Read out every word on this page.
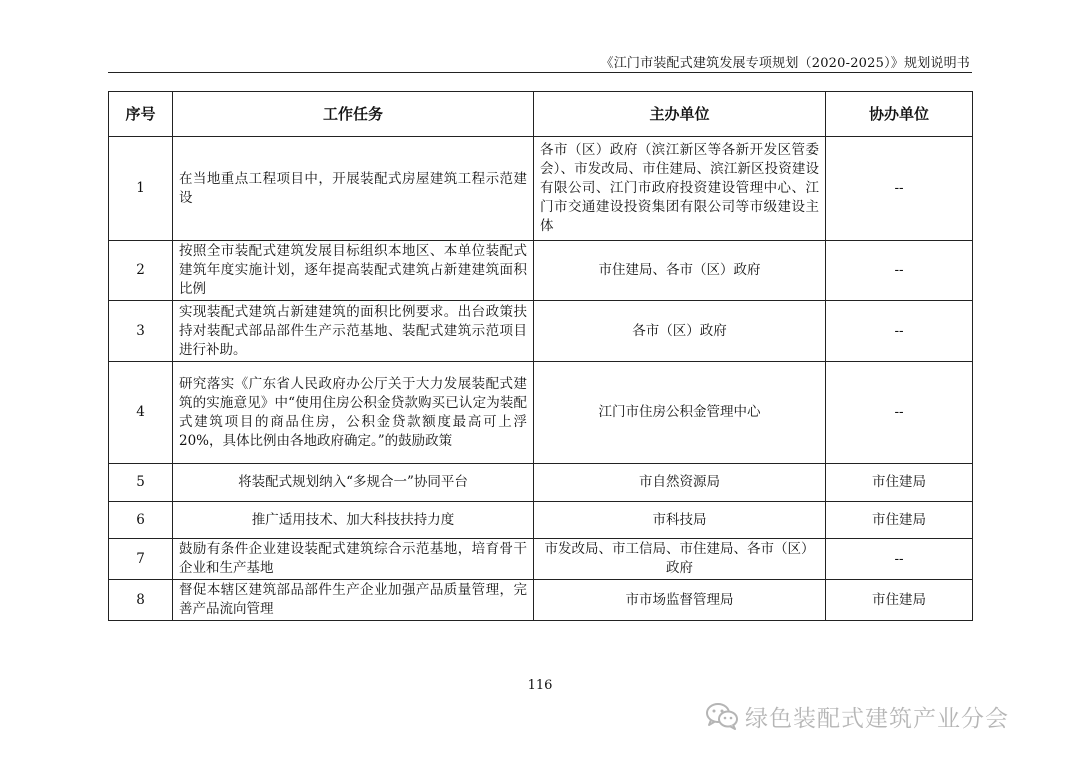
《江门市装配式建筑发展专项规划（2020-2025）》规划说明书
序号	工作任务	主办单位	协办单位
1	在当地重点工程项目中，开展装配式房屋建筑工程示范建设	各市（区）政府（滨江新区等各新开发区管委会）、市发改局、市住建局、滨江新区投资建设有限公司、江门市政府投资建设管理中心、江门市交通建设投资集团有限公司等市级建设主体	--
2	按照全市装配式建筑发展目标组织本地区、本单位装配式建筑年度实施计划，逐年提高装配式建筑占新建建筑面积比例	市住建局、各市（区）政府	--
3	实现装配式建筑占新建建筑的面积比例要求。出台政策扶持对装配式部品部件生产示范基地、装配式建筑示范项目进行补助。	各市（区）政府	--
4	研究落实《广东省人民政府办公厅关于大力发展装配式建筑的实施意见》中“使用住房公积金贷款购买已认定为装配式建筑项目的商品住房，公积金贷款额度最高可上浮 20%，具体比例由各地政府确定。”的鼓励政策	江门市住房公积金管理中心	--
5	将装配式规划纳入“多规合一”协同平台	市自然资源局	市住建局
6	推广适用技术、加大科技扶持力度	市科技局	市住建局
7	鼓励有条件企业建设装配式建筑综合示范基地，培育骨干企业和生产基地	市发改局、市工信局、市住建局、各市（区）政府	--
8	督促本辖区建筑部品部件生产企业加强产品质量管理，完善产品流向管理	市市场监督管理局	市住建局
116
绿色装配式建筑产业分会
